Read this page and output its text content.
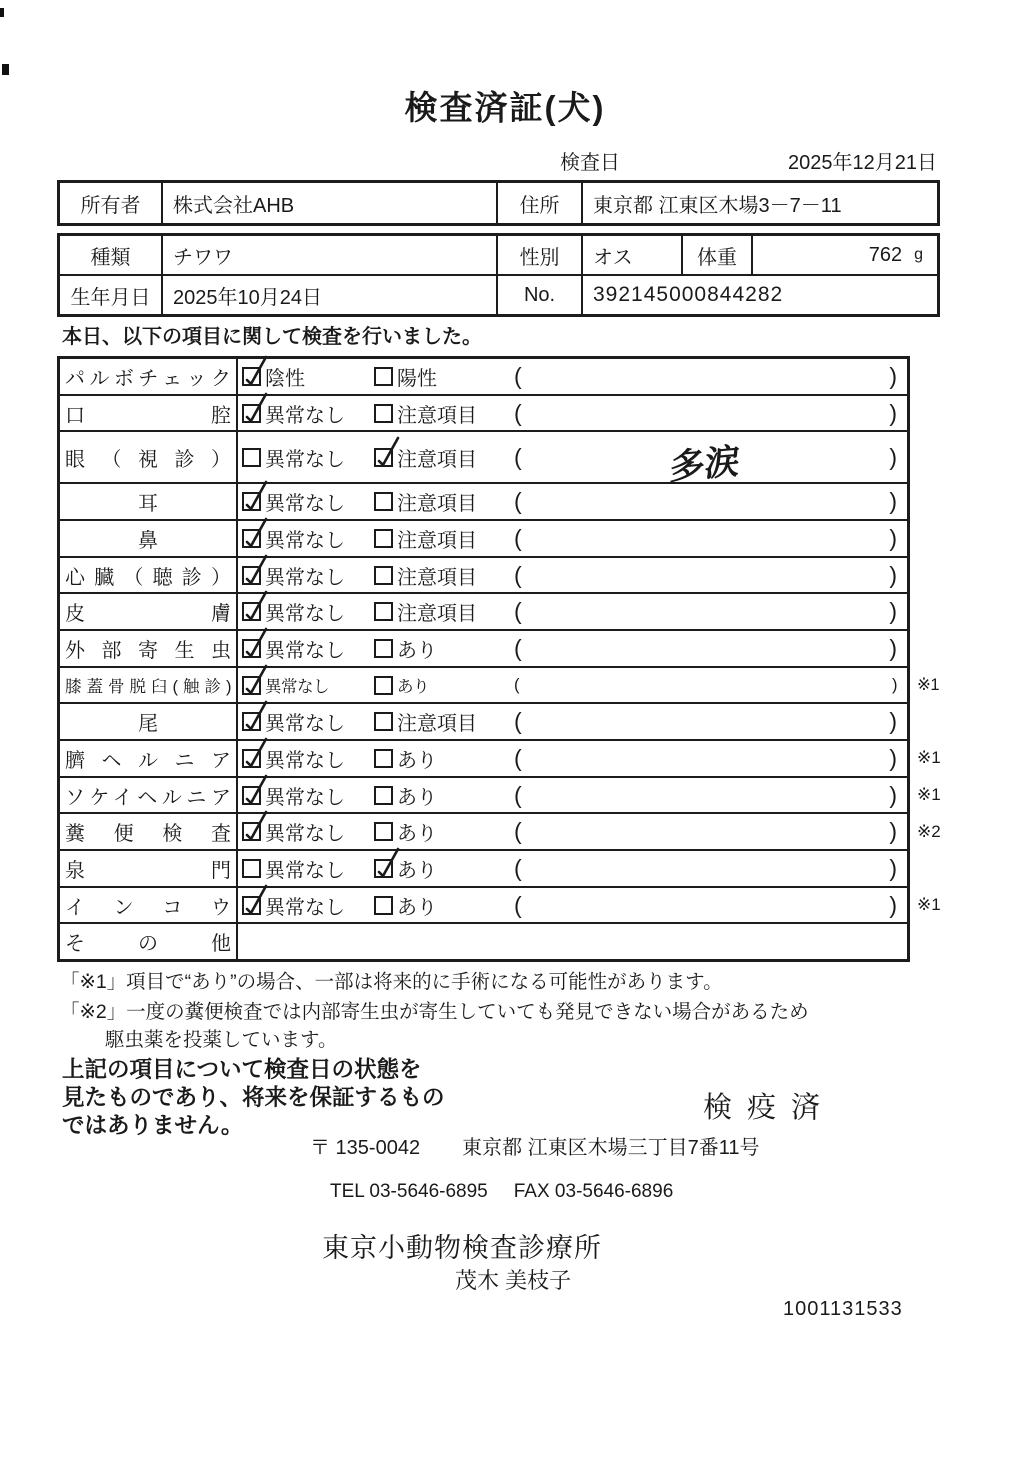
検査済証(犬)
検査日	2025年12月21日
所有者	株式会社AHB	住所	東京都 江東区木場3－7－11
種類	チワワ	性別	オス	体重	762 g
生年月日	2025年10月24日	No.	392145000844282
本日、以下の項目に関して検査を行いました。
パルボチェック 陰性	陽性	(	)
口腔 異常なし	注意項目 (	)
眼（視診） 異常なし	注意項目 (	多涙	)
耳	異常なし	注意項目 (	)
鼻	異常なし	注意項目 (	)
心臓（聴診） 異常なし	注意項目 (	)
皮膚 異常なし	注意項目 (	)
外部寄生虫 異常なし	あり	(	)
膝蓋骨脱臼(触診) 異常なし	あり	(	) ※1
尾	異常なし	注意項目 (	)
臍ヘルニア 異常なし	あり	(	) ※1
ソケイヘルニア 異常なし	あり	(	) ※1
糞便検査 異常なし	あり	(	) ※2
泉門 異常なし	あり	(	)
インコウ 異常なし	あり	(	) ※1
その他
「※1」項目で“あり”の場合、一部は将来的に手術になる可能性があります。
「※2」一度の糞便検査では内部寄生虫が寄生していても発見できない場合があるため
駆虫薬を投薬しています。
上記の項目について検査日の状態を
見たものであり、将来を保証するもの
ではありません。
検疫済
〒 135-0042 東京都 江東区木場三丁目7番11号
TEL 03-5646-6895 FAX 03-5646-6896
東京小動物検査診療所
茂木 美枝子
1001131533
